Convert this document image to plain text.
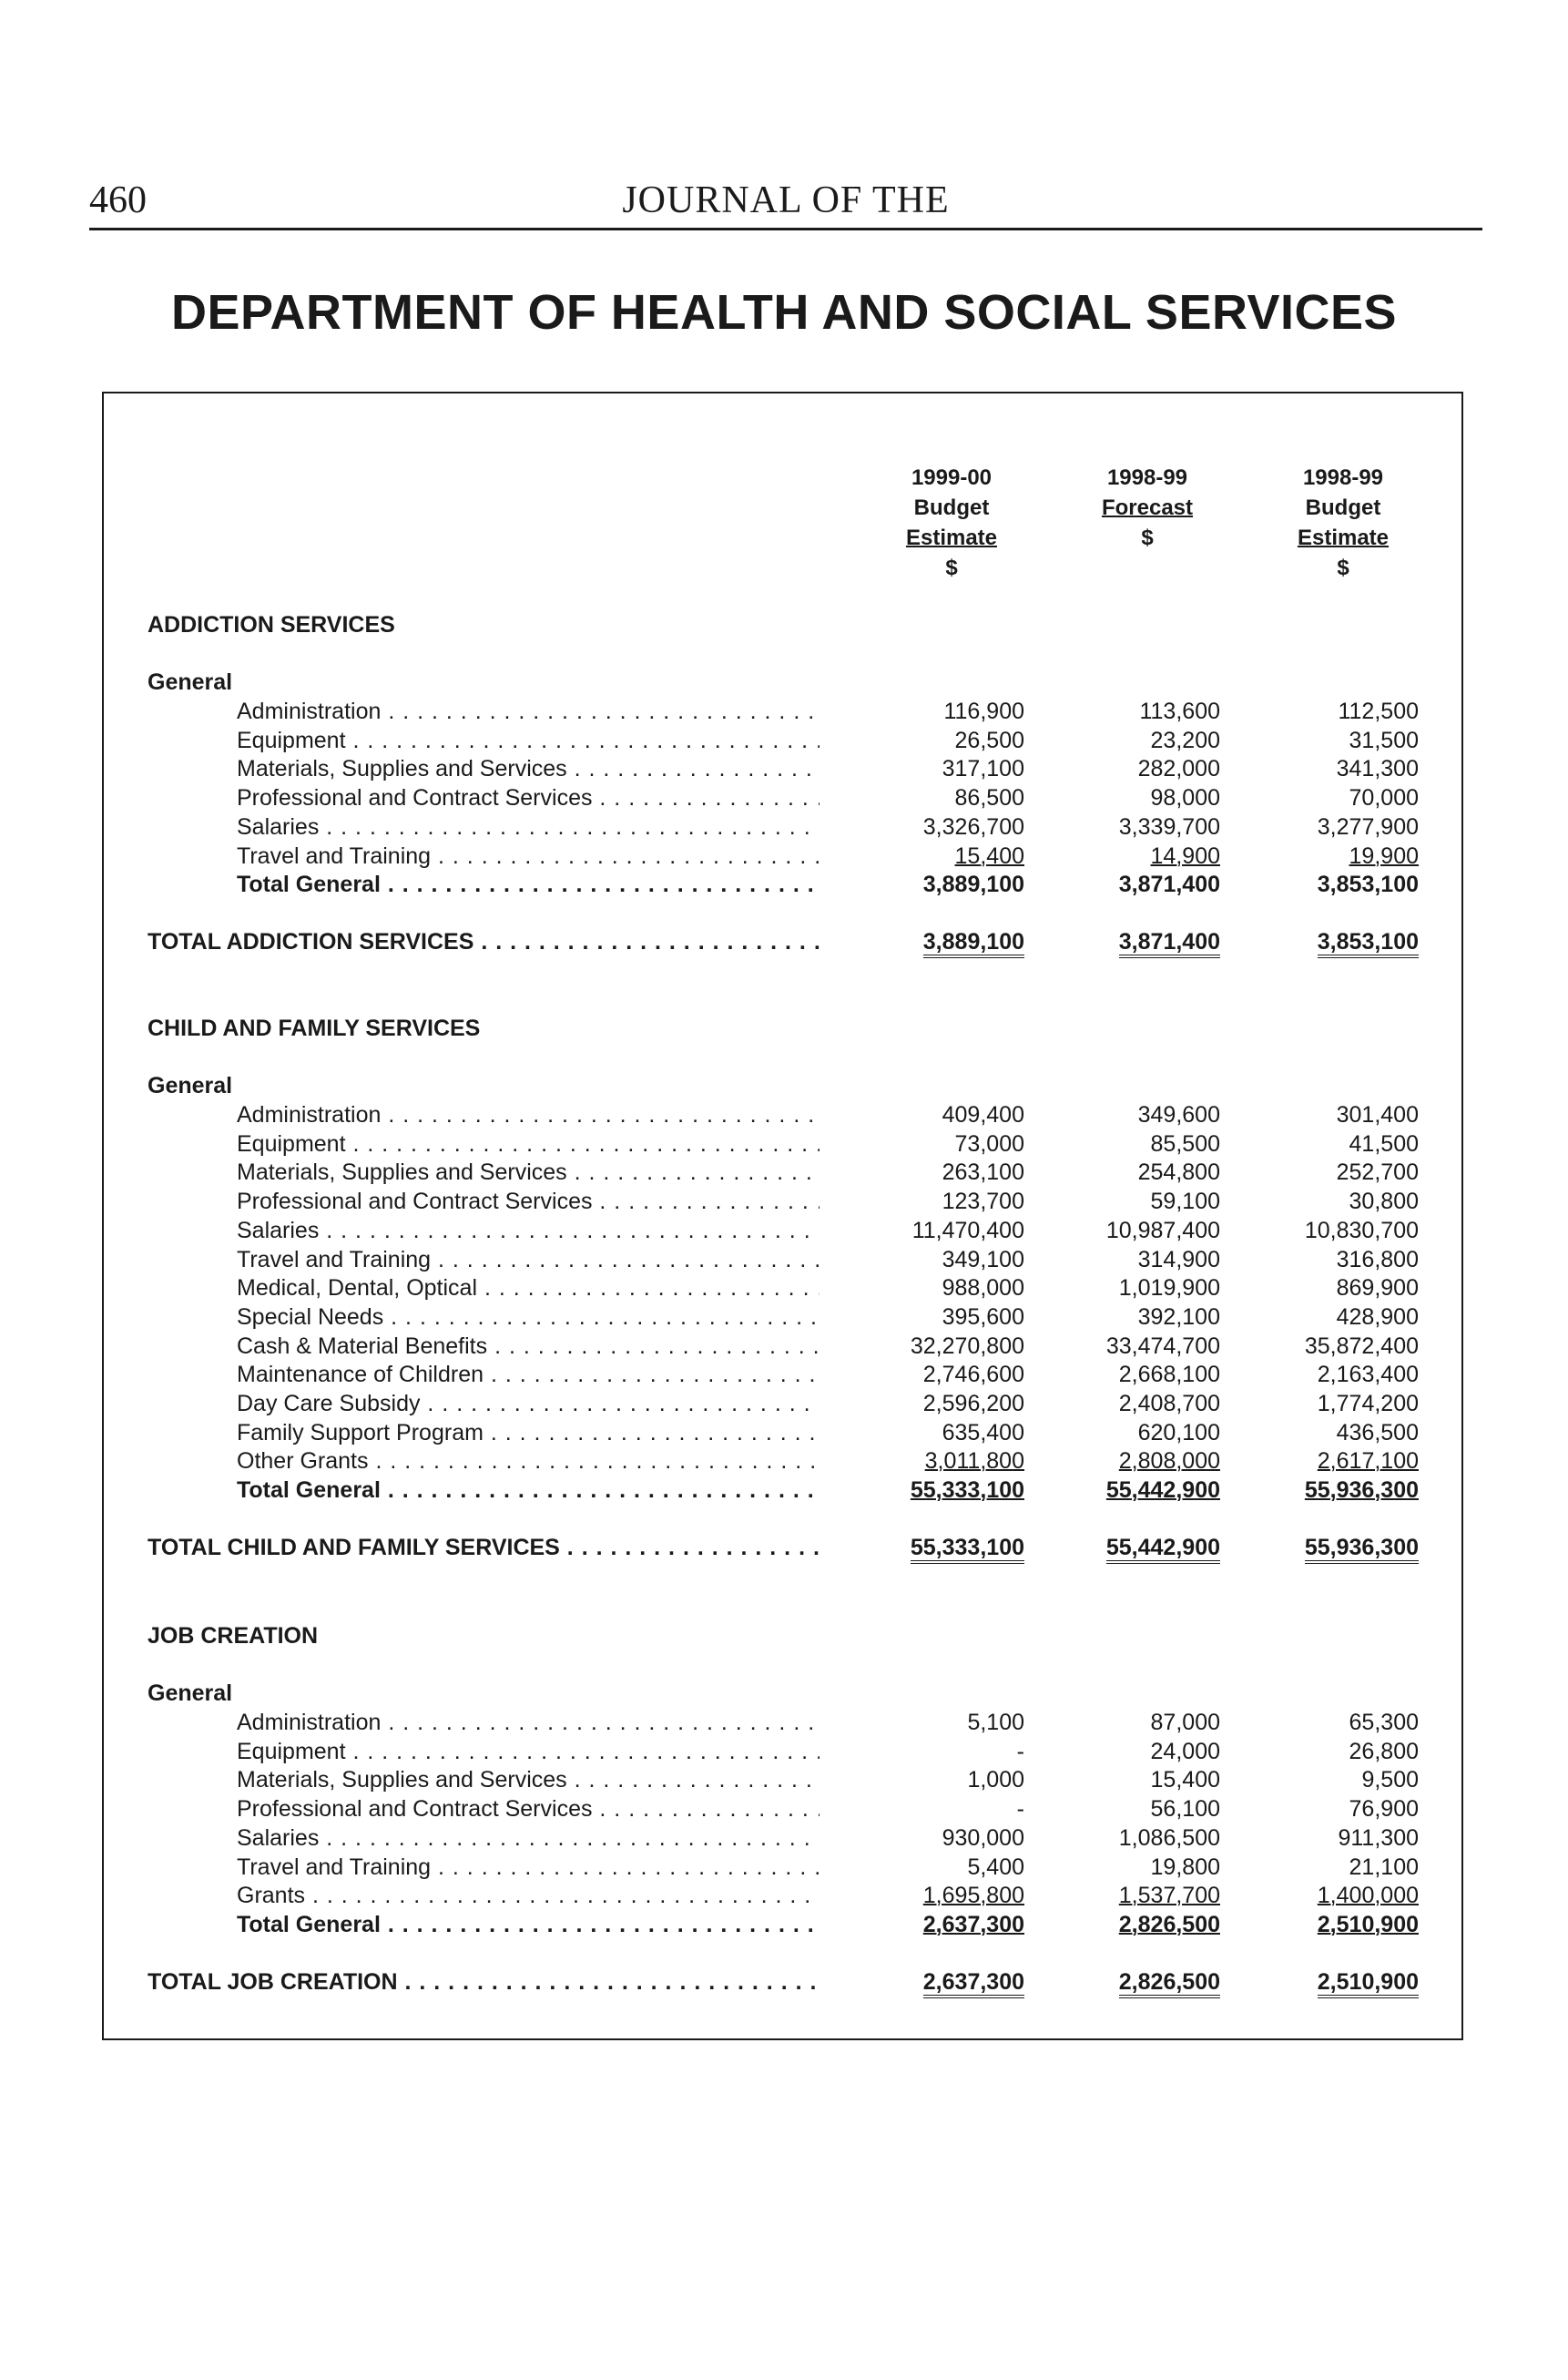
460	JOURNAL OF THE
DEPARTMENT OF HEALTH AND SOCIAL SERVICES
1999-00
Budget
Estimate
$
1998-99
Forecast
$
1998-99
Budget
Estimate
$
ADDICTION SERVICES
General
Administration . . .	116,900	113,600	112,500
Equipment . . .	26,500	23,200	31,500
Materials, Supplies and Services . . .	317,100	282,000	341,300
Professional and Contract Services . . .	86,500	98,000	70,000
Salaries . . .	3,326,700	3,339,700	3,277,900
Travel and Training . . .	15,400	14,900	19,900
Total General . . .	3,889,100	3,871,400	3,853,100
TOTAL ADDICTION SERVICES . . .	3,889,100	3,871,400	3,853,100
CHILD AND FAMILY SERVICES
General
Administration . . .	409,400	349,600	301,400
Equipment . . .	73,000	85,500	41,500
Materials, Supplies and Services . . .	263,100	254,800	252,700
Professional and Contract Services . . .	123,700	59,100	30,800
Salaries . . .	11,470,400	10,987,400	10,830,700
Travel and Training . . .	349,100	314,900	316,800
Medical, Dental, Optical . . .	988,000	1,019,900	869,900
Special Needs . . .	395,600	392,100	428,900
Cash & Material Benefits . . .	32,270,800	33,474,700	35,872,400
Maintenance of Children . . .	2,746,600	2,668,100	2,163,400
Day Care Subsidy . . .	2,596,200	2,408,700	1,774,200
Family Support Program . . .	635,400	620,100	436,500
Other Grants . . .	3,011,800	2,808,000	2,617,100
Total General . . .	55,333,100	55,442,900	55,936,300
TOTAL CHILD AND FAMILY SERVICES . . .	55,333,100	55,442,900	55,936,300
JOB CREATION
General
Administration . . .	5,100	87,000	65,300
Equipment . . .	-	24,000	26,800
Materials, Supplies and Services . . .	1,000	15,400	9,500
Professional and Contract Services . . .	-	56,100	76,900
Salaries . . .	930,000	1,086,500	911,300
Travel and Training . . .	5,400	19,800	21,100
Grants . . .	1,695,800	1,537,700	1,400,000
Total General . . .	2,637,300	2,826,500	2,510,900
TOTAL JOB CREATION . . .	2,637,300	2,826,500	2,510,900
